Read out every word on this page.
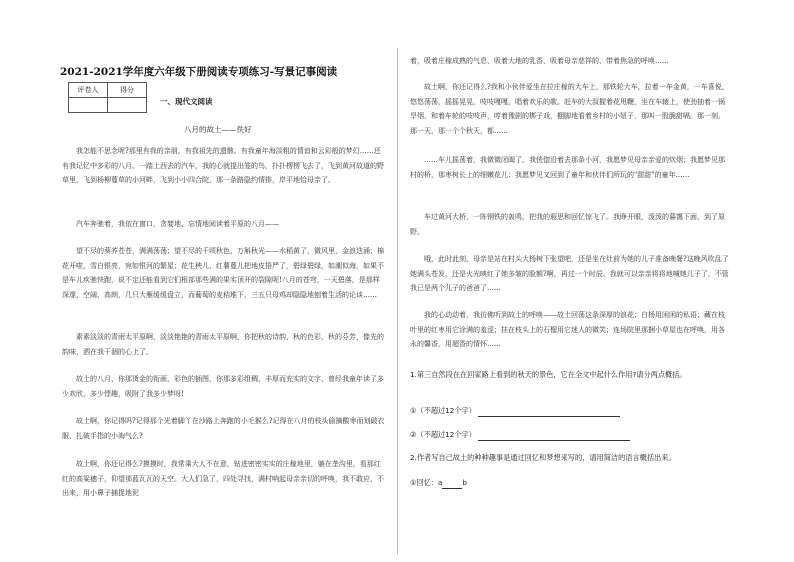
2021-2021学年度六年级下册阅读专项练习-写景记事阅读
评卷人	得分

一、现代文阅读
八月的故土——佚好

我怎能不思念呢?那里有我的亲朋，有我祖先的遗骸。有我童年海淡粗的情谊和云彩般的梦幻……还有我记忆中多彩的八月。一踏上西去的汽车，我的心就提出笼的鸟，扑扑楞楞飞去了，飞到黄河故道的野草里，飞到杨柳蔓草的小河畔，飞到小小四合院，那一条路隐约情排，岸平地恰母亲了。

汽车奔驰着，我依在窗口，贪婪地、忘情地阅读着平原的八月——

望不尽的葵荞苍苍，满满荡荡；望不尽的千顷秋色，万斛秋光——水稻黄了，微风里，金浪迭涌；棉花开啦，雪白银亮，宛如银河的繁星；花生秧儿、红薯蔓儿把地皮捂严了，碧绿碧绿，如潮似海，如果不是车儿疾驰快跑，说不定还能看到它们根部那些满的果实顶开的裂隙呢!八月的苍穹，一天碧落，是那样深邃，空阔，高朗，几只大雁缓缓盘立，而葡萄的麦秸堆下，三五只母鸡却隐隐地刨着生活的论谈……

素素淡淡的青雨太平原啊，淡淡艳艳的青雨太平原啊，你把秋的诗韵，秋的色彩，秋的芬芳，像先的韵味，洒在我干涸的心上了。

故土的八月，你那烫金的衔画，彩色的插图，你那多彩组稠，丰厚而充实的文字，曾经我童年读了多少欢欣，多少悸趣，吸附了我多少梦呀!

故土啊，你记得吗?记得那个光着脚丫在沙路上奔跑的小毛猴么?记得在八月的枝头偷摘酸枣而划破衣服、扎破手指的小淘气么?

故土啊，你还记得么?摸摸时，我常乘大人不在意，钻进密密实实的庄稼地里，躺在垄沟里，看那红红的高粱穗子，仰望那蓝瓦瓦的天空。大人们急了，四处寻找，满村响起母亲亲切的呼唤，我不敢应，不出来，用小鼻子捕捉地泥

着，吸着庄稼成熟的气息，吸着大地的乳香，吸着母亲慈祥的、带着焦急的呼唤……

故土啊，你还记得么?我和小伙伴爱坐在拉庄稼的大车上，那铁轮大车，拉着一车金黄，一车喜悦，悠悠荡荡，摇摇晃晃，吱吱嘎嘎，唱着欢乐的歌。赶车的大叔握着花甩鞭，坐在车辕上，使劲抽着一锅旱烟，和着车轮的吱吱声，哼着豫剧的梆子戏，棚脚地看着乡村的小妞子，那叫一股脆甜嗝。那一刻，那一天，那一个个秋天，都……

……车儿摇荡着，我微微闭阖了。我恍惚沿着去那条小河，我愿梦见母亲亲爱的炊烟；我愿梦见那村的桥，那枣树长上的细嫩花儿；我愿梦见又回到了童年和伙伴们所玩的"甜甜"的童年……

车过黄河大桥，一阵钢铁的轰鸣，把我的遐思和回忆惊飞了。我睁开眼，泼泼的暮霭下面，到了原野。

哦，此时此刻，母亲是站在村头大杨树下张望吧，还是坐在灶前为她的儿子准备晚餐?这晚风吹乱了她满头苍发，还是火光映红了她多皱的脸额?啊，再过一个时辰，我就可以亲亲将将地喊她儿子了，不管我已是两个儿子的爸爸了……

我的心动动着，我彷佛听到故土的呼唤——故土回荡这条深厚的浪花；白杨用闲闲的私语；藏在枝叶里的红枣用它涂满的羞涩；挂在枝头上的石榴用它迷人的微笑；连场院里那捆小草屋也在呼唤，用各永的馨香，用超香的情怀……

1.第三自然段在在回家路上看到的秋天的景色，它在全文中起什么作用?请分两点概括。
①（不超过12个字）
②（不超过12个字）
2.作者写自己故土的种种趣事是通过回忆和梦想来写的，请用简洁的语言概括出来。
①回忆：a	b
